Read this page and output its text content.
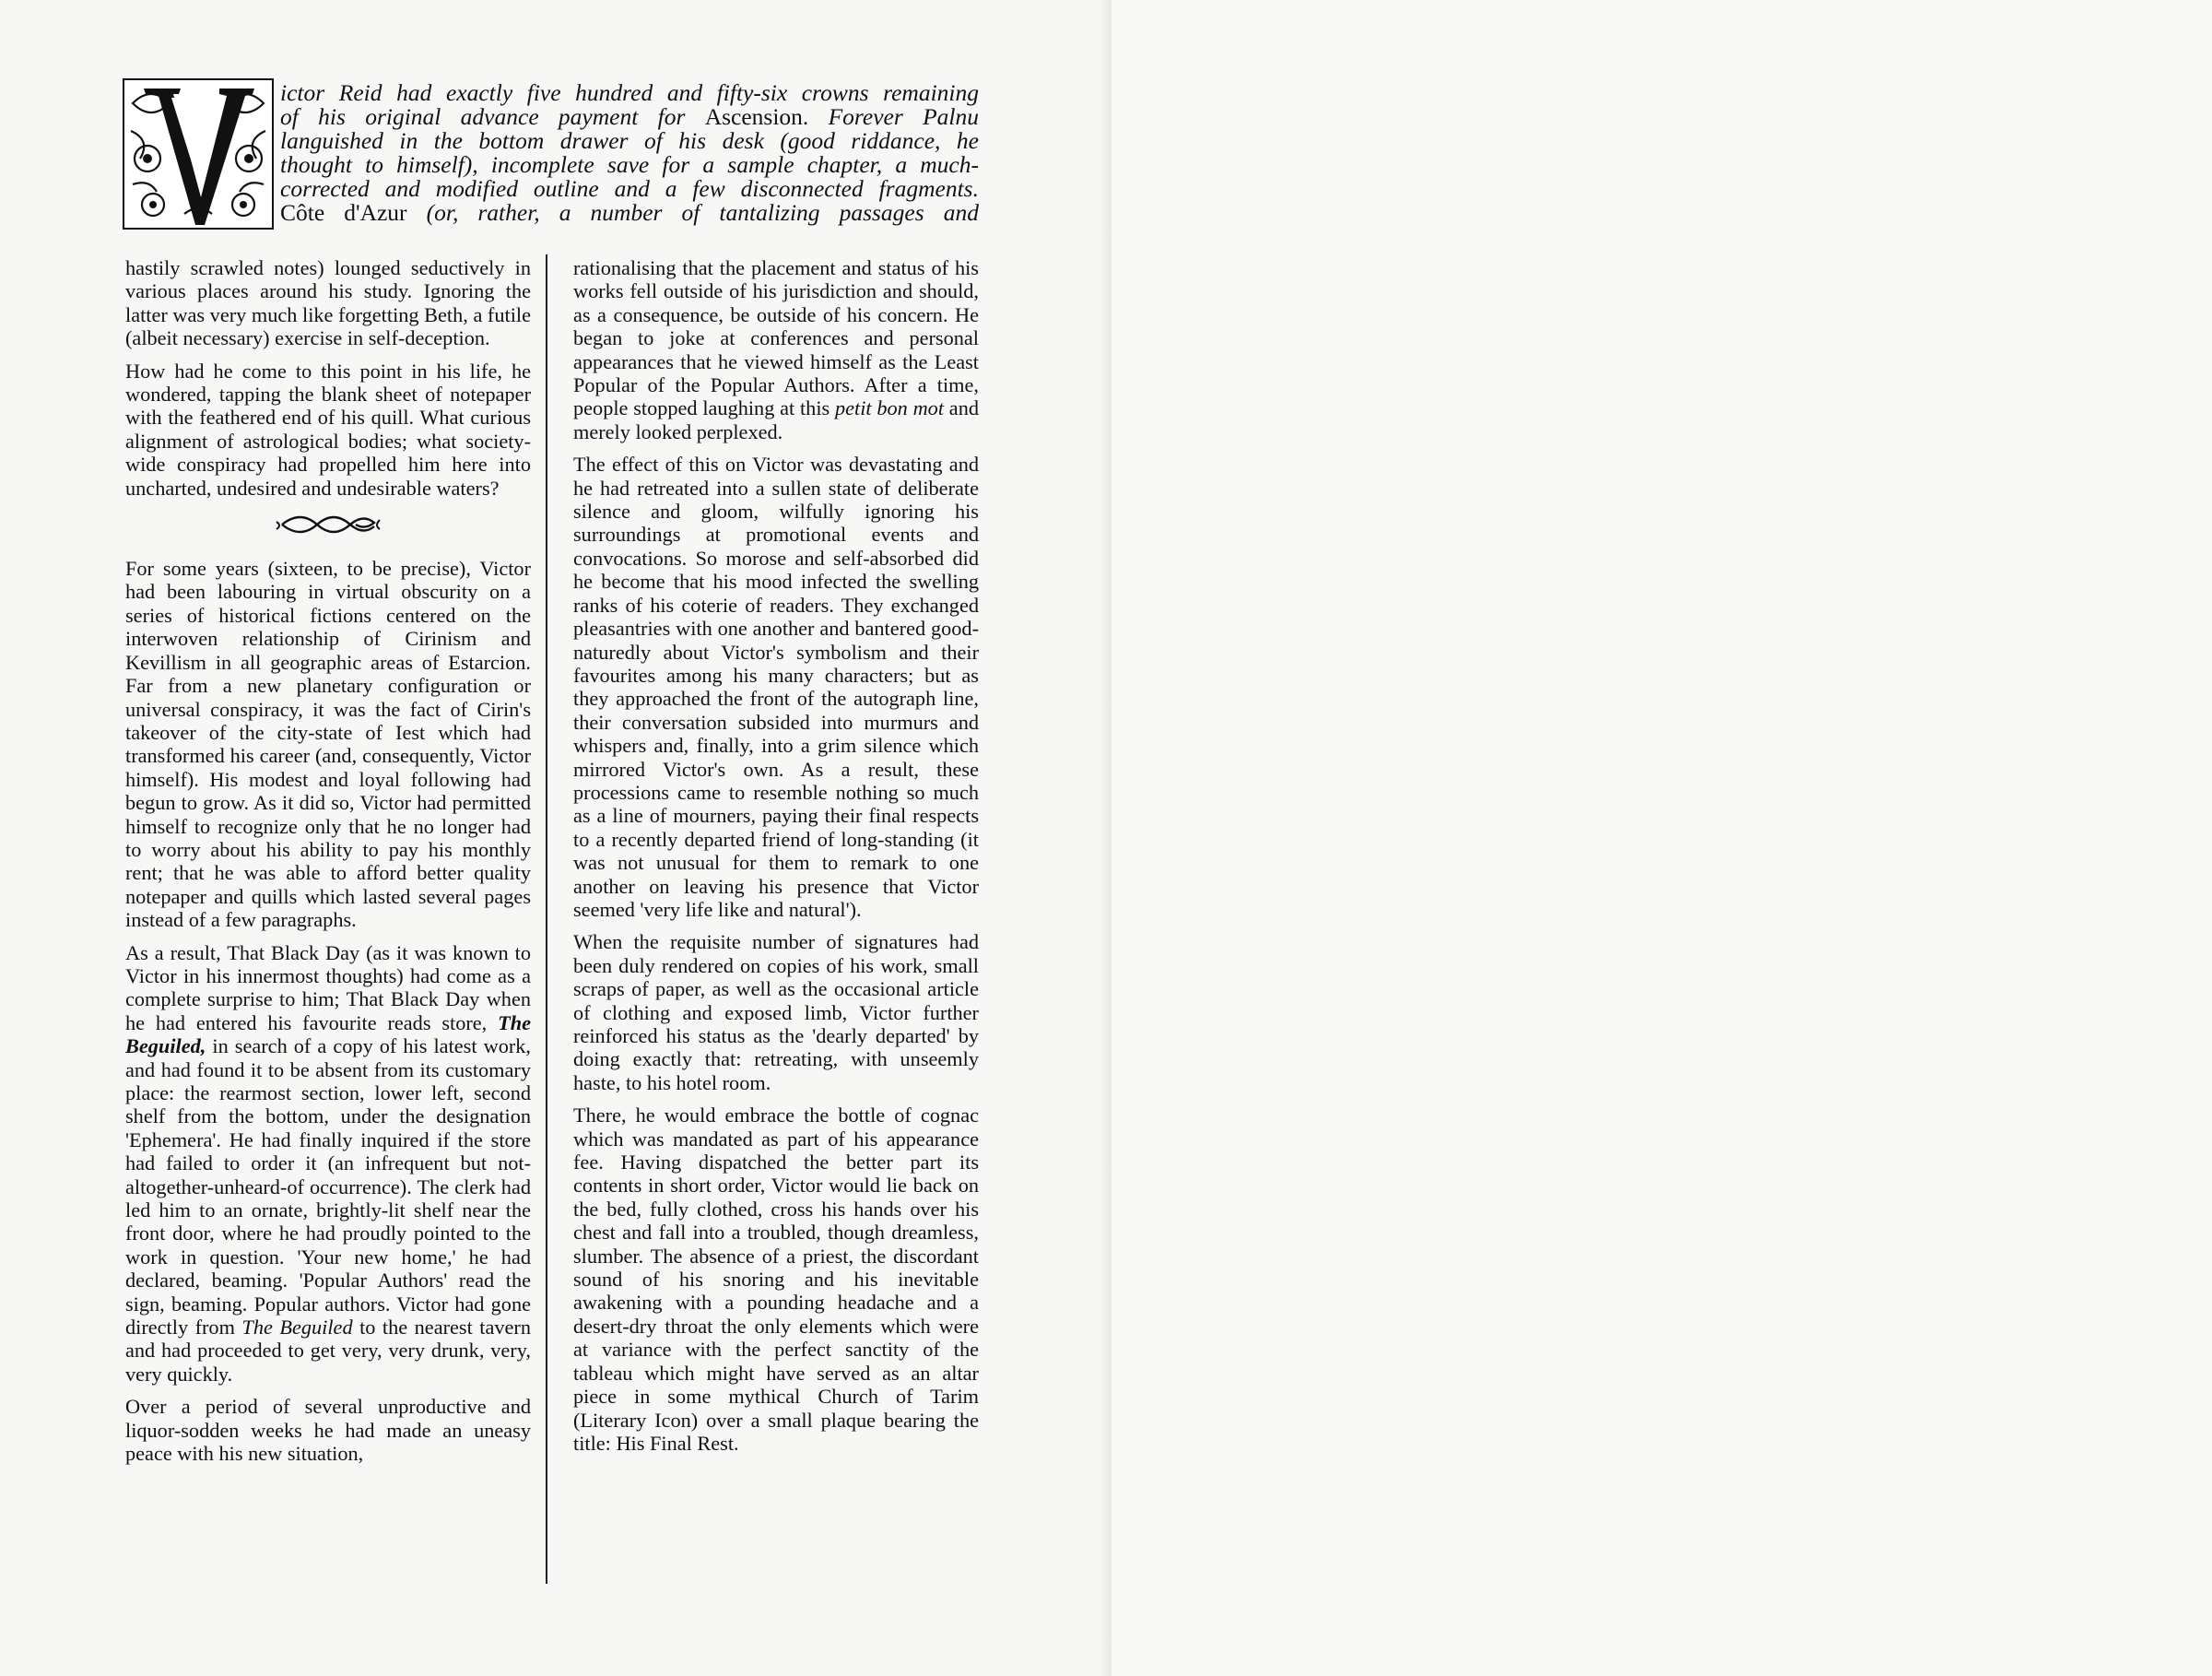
ictor Reid had exactly five hundred and fifty-six crowns remaining

of his original advance payment for Ascension. Forever Palnu

languished in the bottom drawer of his desk (good riddance, he

thought to himself), incomplete save for a sample chapter, a much-

corrected and modified outline and a few disconnected fragments.

Côte d'Azur (or, rather, a number of tantalizing passages and

hastily scrawled notes) lounged seductively in various places around his study. Ignoring the latter was very much like forgetting Beth, a futile (albeit necessary) exercise in self-deception.

How had he come to this point in his life, he wondered, tapping the blank sheet of notepaper with the feathered end of his quill. What curious alignment of astrological bodies; what society-wide conspiracy had propelled him here into uncharted, undesired and undesirable waters?

For some years (sixteen, to be precise), Victor had been labouring in virtual obscurity on a series of historical fictions centered on the interwoven relationship of Cirinism and Kevillism in all geographic areas of Estarcion. Far from a new planetary configuration or universal conspiracy, it was the fact of Cirin's takeover of the city-state of Iest which had transformed his career (and, consequently, Victor himself). His modest and loyal following had begun to grow. As it did so, Victor had permitted himself to recognize only that he no longer had to worry about his ability to pay his monthly rent; that he was able to afford better quality notepaper and quills which lasted several pages instead of a few paragraphs.

As a result, That Black Day (as it was known to Victor in his innermost thoughts) had come as a complete surprise to him; That Black Day when he had entered his favourite reads store, The Beguiled, in search of a copy of his latest work, and had found it to be absent from its customary place: the rearmost section, lower left, second shelf from the bottom, under the designation 'Ephemera'. He had finally inquired if the store had failed to order it (an infrequent but not-altogether-unheard-of occurrence). The clerk had led him to an ornate, brightly-lit shelf near the front door, where he had proudly pointed to the work in question. 'Your new home,' he had declared, beaming. 'Popular Authors' read the sign, beaming. Popular authors. Victor had gone directly from The Beguiled to the nearest tavern and had proceeded to get very, very drunk, very, very quickly.

Over a period of several unproductive and liquor-sodden weeks he had made an uneasy peace with his new situation,

rationalising that the placement and status of his works fell outside of his jurisdiction and should, as a consequence, be outside of his concern. He began to joke at conferences and personal appearances that he viewed himself as the Least Popular of the Popular Authors. After a time, people stopped laughing at this petit bon mot and merely looked perplexed.

The effect of this on Victor was devastating and he had retreated into a sullen state of deliberate silence and gloom, wilfully ignoring his surroundings at promotional events and convocations. So morose and self-absorbed did he become that his mood infected the swelling ranks of his coterie of readers. They exchanged pleasantries with one another and bantered good-naturedly about Victor's symbolism and their favourites among his many characters; but as they approached the front of the autograph line, their conversation subsided into murmurs and whispers and, finally, into a grim silence which mirrored Victor's own. As a result, these processions came to resemble nothing so much as a line of mourners, paying their final respects to a recently departed friend of long-standing (it was not unusual for them to remark to one another on leaving his presence that Victor seemed 'very life like and natural').

When the requisite number of signatures had been duly rendered on copies of his work, small scraps of paper, as well as the occasional article of clothing and exposed limb, Victor further reinforced his status as the 'dearly departed' by doing exactly that: retreating, with unseemly haste, to his hotel room.

There, he would embrace the bottle of cognac which was mandated as part of his appearance fee. Having dispatched the better part its contents in short order, Victor would lie back on the bed, fully clothed, cross his hands over his chest and fall into a troubled, though dreamless, slumber. The absence of a priest, the discordant sound of his snoring and his inevitable awakening with a pounding headache and a desert-dry throat the only elements which were at variance with the perfect sanctity of the tableau which might have served as an altar piece in some mythical Church of Tarim (Literary Icon) over a small plaque bearing the title: His Final Rest.
